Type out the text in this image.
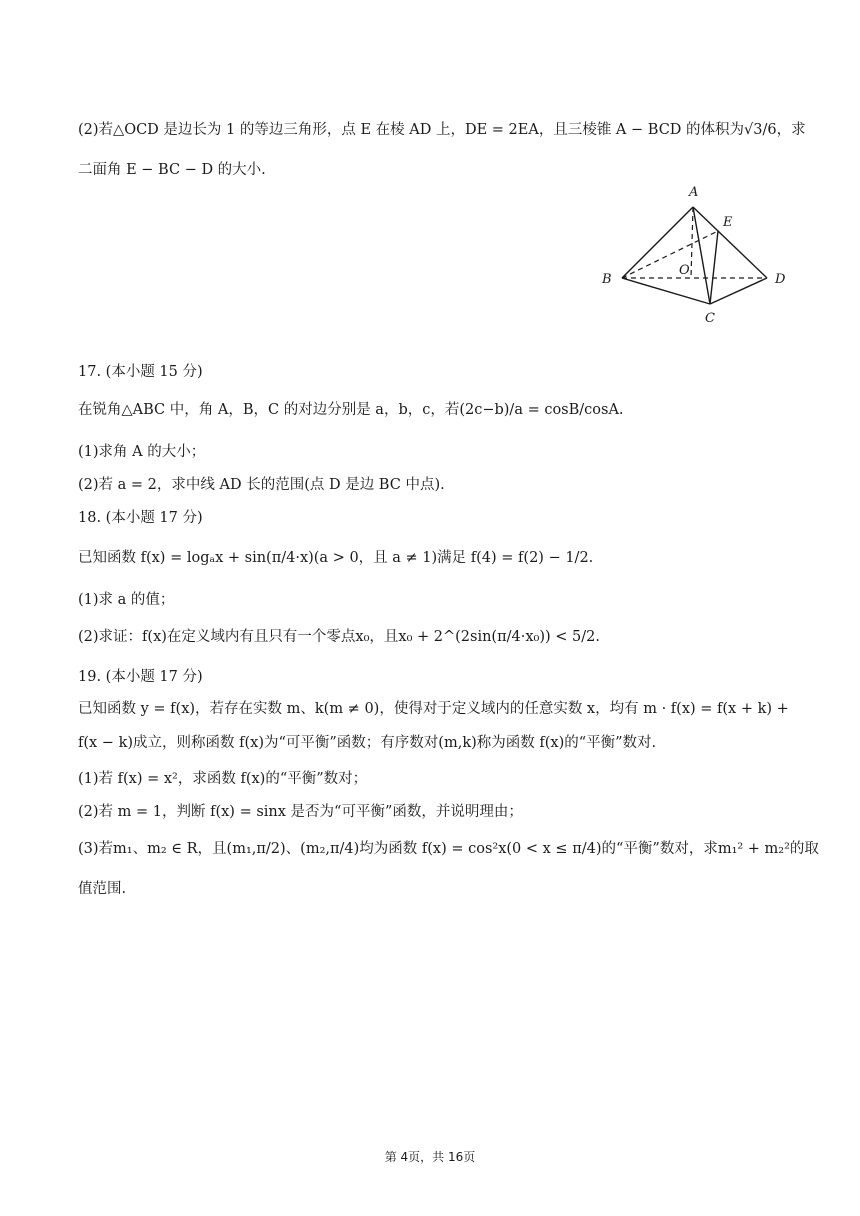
(2)若△OCD 是边长为 1 的等边三角形，点 E 在棱 AD 上，DE = 2EA，且三棱锥 A − BCD 的体积为√3/6，求
二面角 E − BC − D 的大小.
A
E
O
B	D
C
17. (本小题 15 分)
在锐角△ABC 中，角 A，B，C 的对边分别是 a，b，c，若(2c−b)/a = cosB/cosA.
(1)求角 A 的大小；
(2)若 a = 2，求中线 AD 长的范围(点 D 是边 BC 中点).
18. (本小题 17 分)
已知函数 f(x) = logₐx + sin(π/4·x)(a > 0，且 a ≠ 1)满足 f(4) = f(2) − 1/2.
(1)求 a 的值；
(2)求证：f(x)在定义域内有且只有一个零点x₀，且x₀ + 2^(2sin(π/4·x₀)) < 5/2.
19. (本小题 17 分)
已知函数 y = f(x)，若存在实数 m、k(m ≠ 0)，使得对于定义域内的任意实数 x，均有 m · f(x) = f(x + k) +
f(x − k)成立，则称函数 f(x)为“可平衡”函数；有序数对(m,k)称为函数 f(x)的“平衡”数对.
(1)若 f(x) = x²，求函数 f(x)的“平衡”数对；
(2)若 m = 1，判断 f(x) = sinx 是否为“可平衡”函数，并说明理由；
(3)若m₁、m₂ ∈ R，且(m₁,π/2)、(m₂,π/4)均为函数 f(x) = cos²x(0 < x ≤ π/4)的“平衡”数对，求m₁² + m₂²的取
值范围.
第 4页，共 16页
